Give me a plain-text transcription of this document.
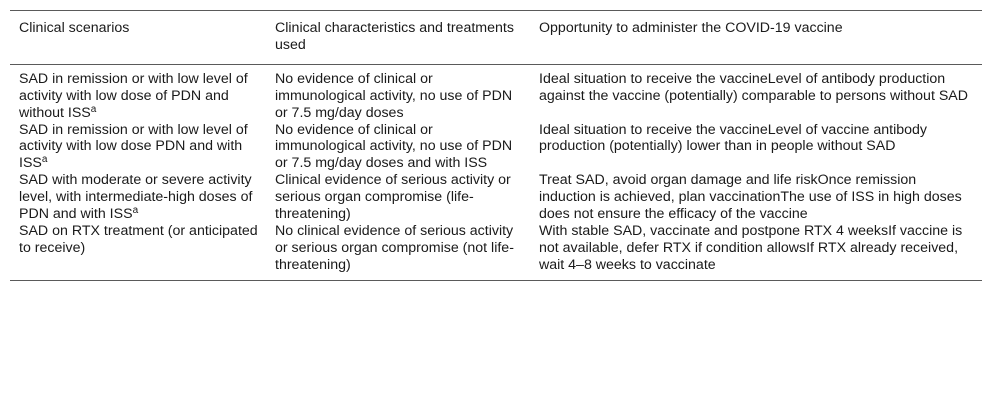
Clinical scenarios	Clinical characteristics and treatments used	Opportunity to administer the COVID-19 vaccine
SAD in remission or with low level of activity with low dose of PDN and without ISS$^a$	No evidence of clinical or immunological activity, no use of PDN or 7.5 mg/day doses	Ideal situation to receive the vaccineLevel of antibody production against the vaccine (potentially) comparable to persons without SAD
SAD in remission or with low level of activity with low dose PDN and with ISS$^a$	No evidence of clinical or immunological activity, no use of PDN or 7.5 mg/day doses and with ISS	Ideal situation to receive the vaccineLevel of vaccine antibody production (potentially) lower than in people without SAD
SAD with moderate or severe activity level, with intermediate-high doses of PDN and with ISS$^a$	Clinical evidence of serious activity or serious organ compromise (life-threatening)	Treat SAD, avoid organ damage and life riskOnce remission induction is achieved, plan vaccinationThe use of ISS in high doses does not ensure the efficacy of the vaccine
SAD on RTX treatment (or anticipated to receive)	No clinical evidence of serious activity or serious organ compromise (not life-threatening)	With stable SAD, vaccinate and postpone RTX 4 weeksIf vaccine is not available, defer RTX if condition allowsIf RTX already received, wait 4–8 weeks to vaccinate
